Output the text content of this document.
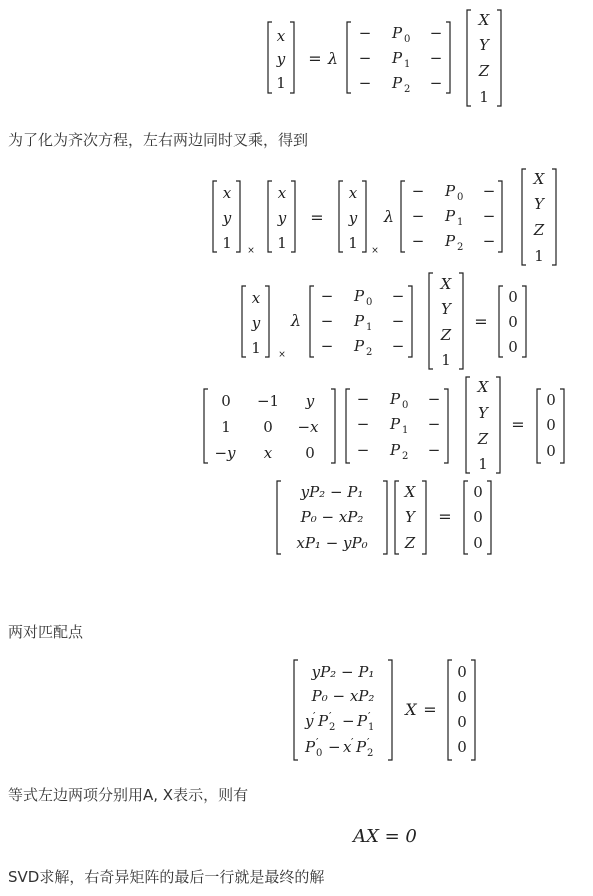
为了化为齐次方程，左右两边同时叉乘，得到
两对匹配点
等式左边两项分别用A, X表示，则有
SVD求解，右奇异矩阵的最后一行就是最终的解
x
y
1
= λ
−
−
−
−
−
−
P 0
P 1
P 2
X
Y
Z
1
x
y
1 ×
x
y
1
=
x
y
1 ×
λ
−
−
−
−
−
−
P 0
P 1
P 2
X
Y
Z
1
x
y
1 ×
λ
−
−
−
−
−
−
P 0
P 1
P 2
X
Y
Z
1
=
0
0
0
0 −1 y
1 0 −x
−y x 0
−
−
−
−
−
−
P 0
P 1
P 2
X
Y
Z
1
=
0
0
0
yP₂ − P₁
P₀ − xP₂
xP₁ − yP₀
X
Y
Z
=
0
0
0
yP₂ − P₁
P₀ − xP₂
y ′ P ′
2 − P ′
1
P ′
0 − x ′ P ′
2
X =
0
0
0
0
AX = 0
